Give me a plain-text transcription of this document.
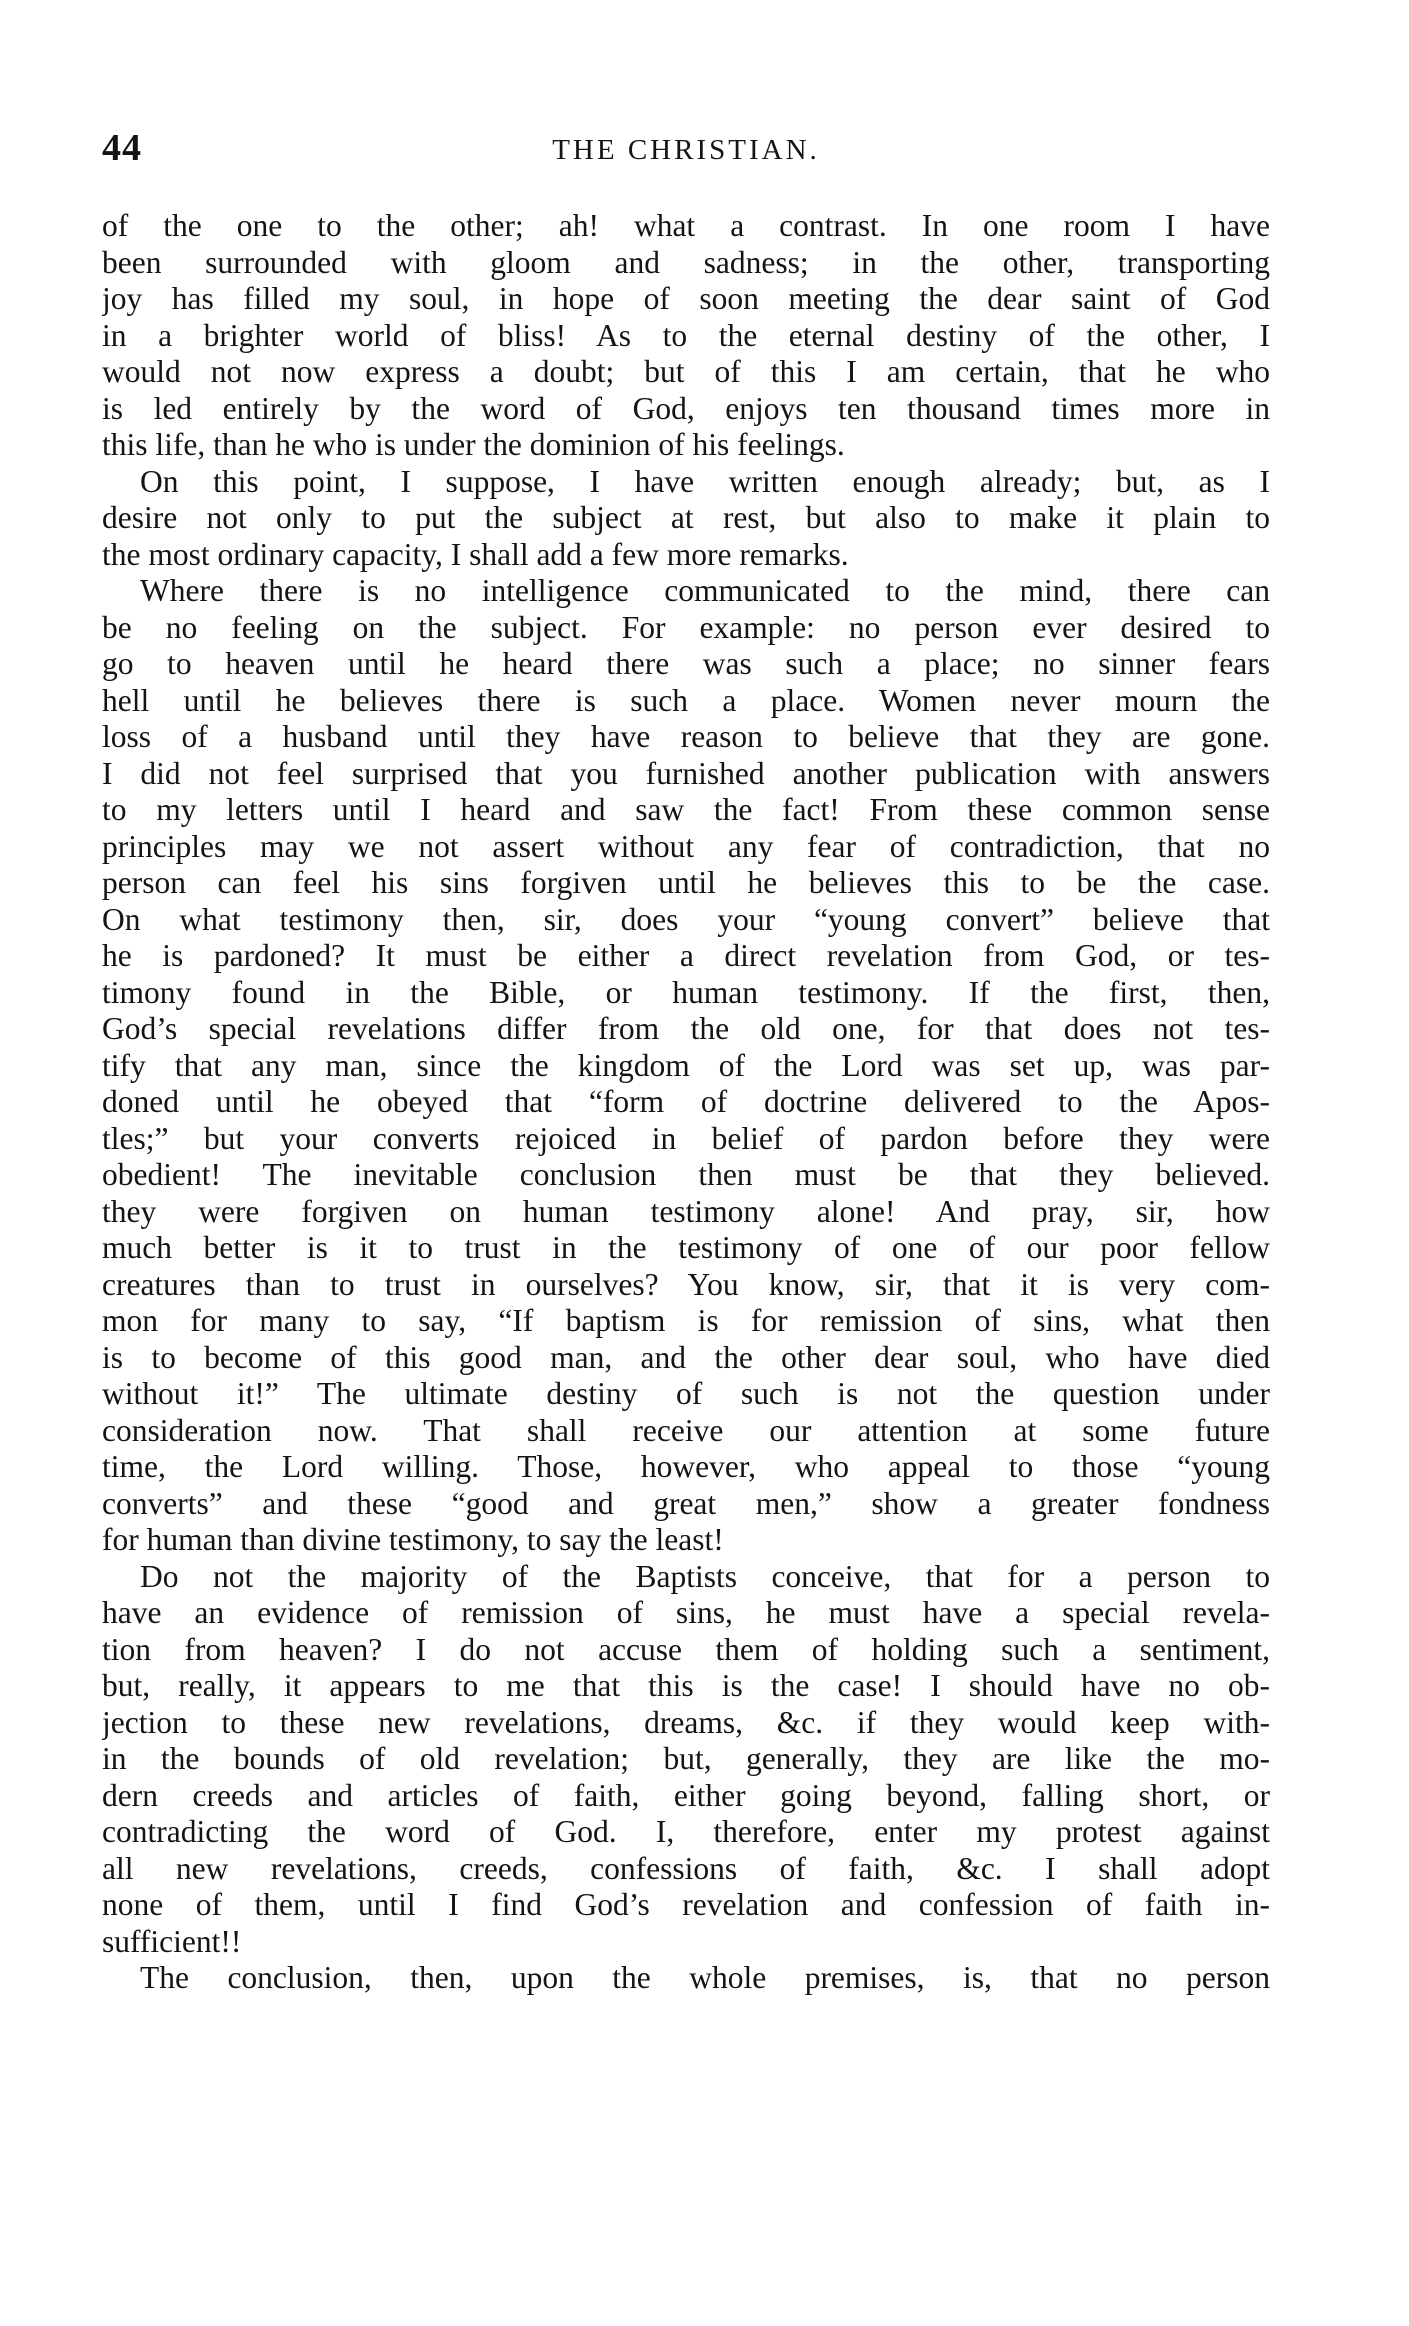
44	THE CHRISTIAN.
of the one to the other; ah! what a contrast. In one room I have
been surrounded with gloom and sadness; in the other, transporting
joy has filled my soul, in hope of soon meeting the dear saint of God
in a brighter world of bliss! As to the eternal destiny of the other, I
would not now express a doubt; but of this I am certain, that he who
is led entirely by the word of God, enjoys ten thousand times more in
this life, than he who is under the dominion of his feelings.
On this point, I suppose, I have written enough already; but, as I
desire not only to put the subject at rest, but also to make it plain to
the most ordinary capacity, I shall add a few more remarks.
Where there is no intelligence communicated to the mind, there can
be no feeling on the subject. For example: no person ever desired to
go to heaven until he heard there was such a place; no sinner fears
hell until he believes there is such a place. Women never mourn the
loss of a husband until they have reason to believe that they are gone.
I did not feel surprised that you furnished another publication with answers
to my letters until I heard and saw the fact! From these common sense
principles may we not assert without any fear of contradiction, that no
person can feel his sins forgiven until he believes this to be the case.
On what testimony then, sir, does your “young convert” believe that
he is pardoned? It must be either a direct revelation from God, or tes-
timony found in the Bible, or human testimony. If the first, then,
God’s special revelations differ from the old one, for that does not tes-
tify that any man, since the kingdom of the Lord was set up, was par-
doned until he obeyed that “form of doctrine delivered to the Apos-
tles;” but your converts rejoiced in belief of pardon before they were
obedient! The inevitable conclusion then must be that they believed.
they were forgiven on human testimony alone! And pray, sir, how
much better is it to trust in the testimony of one of our poor fellow
creatures than to trust in ourselves? You know, sir, that it is very com-
mon for many to say, “If baptism is for remission of sins, what then
is to become of this good man, and the other dear soul, who have died
without it!” The ultimate destiny of such is not the question under
consideration now. That shall receive our attention at some future
time, the Lord willing. Those, however, who appeal to those “young
converts” and these “good and great men,” show a greater fondness
for human than divine testimony, to say the least!
Do not the majority of the Baptists conceive, that for a person to
have an evidence of remission of sins, he must have a special revela-
tion from heaven? I do not accuse them of holding such a sentiment,
but, really, it appears to me that this is the case! I should have no ob-
jection to these new revelations, dreams, &c. if they would keep with-
in the bounds of old revelation; but, generally, they are like the mo-
dern creeds and articles of faith, either going beyond, falling short, or
contradicting the word of God. I, therefore, enter my protest against
all new revelations, creeds, confessions of faith, &c. I shall adopt
none of them, until I find God’s revelation and confession of faith in-
sufficient!!
The conclusion, then, upon the whole premises, is, that no person
